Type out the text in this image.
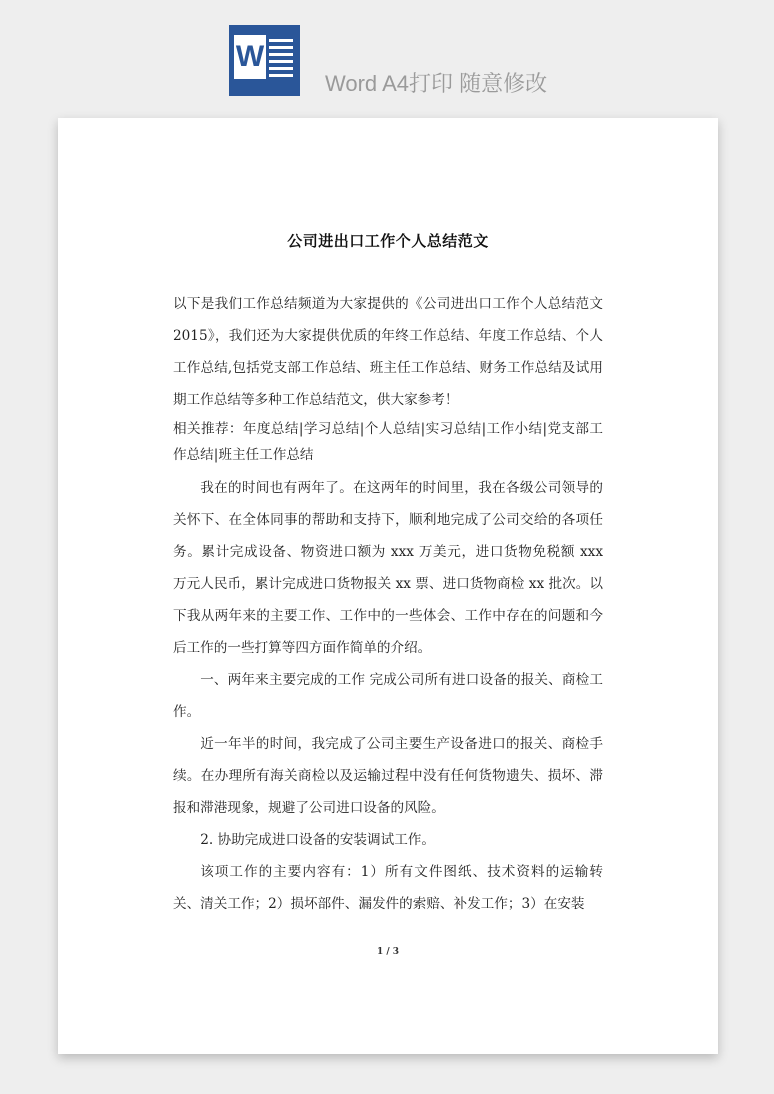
W
Word A4打印 随意修改
公司进出口工作个人总结范文

以下是我们工作总结频道为大家提供的《公司进出口工作个人总结范文 2015》，我们还为大家提供优质的年终工作总结、年度工作总结、个人工作总结,包括党支部工作总结、班主任工作总结、财务工作总结及试用期工作总结等多种工作总结范文，供大家参考！

相关推荐：年度总结|学习总结|个人总结|实习总结|工作小结|党支部工作总结|班主任工作总结

我在的时间也有两年了。在这两年的时间里，我在各级公司领导的关怀下、在全体同事的帮助和支持下，顺利地完成了公司交给的各项任务。累计完成设备、物资进口额为 xxx 万美元，进口货物免税额 xxx 万元人民币，累计完成进口货物报关 xx 票、进口货物商检 xx 批次。以下我从两年来的主要工作、工作中的一些体会、工作中存在的问题和今后工作的一些打算等四方面作简单的介绍。

一、两年来主要完成的工作 完成公司所有进口设备的报关、商检工作。

近一年半的时间，我完成了公司主要生产设备进口的报关、商检手续。在办理所有海关商检以及运输过程中没有任何货物遗失、损坏、滞报和滞港现象，规避了公司进口设备的风险。

2. 协助完成进口设备的安装调试工作。

该项工作的主要内容有：1）所有文件图纸、技术资料的运输转关、清关工作；2）损坏部件、漏发件的索赔、补发工作；3）在安装

1 / 3
